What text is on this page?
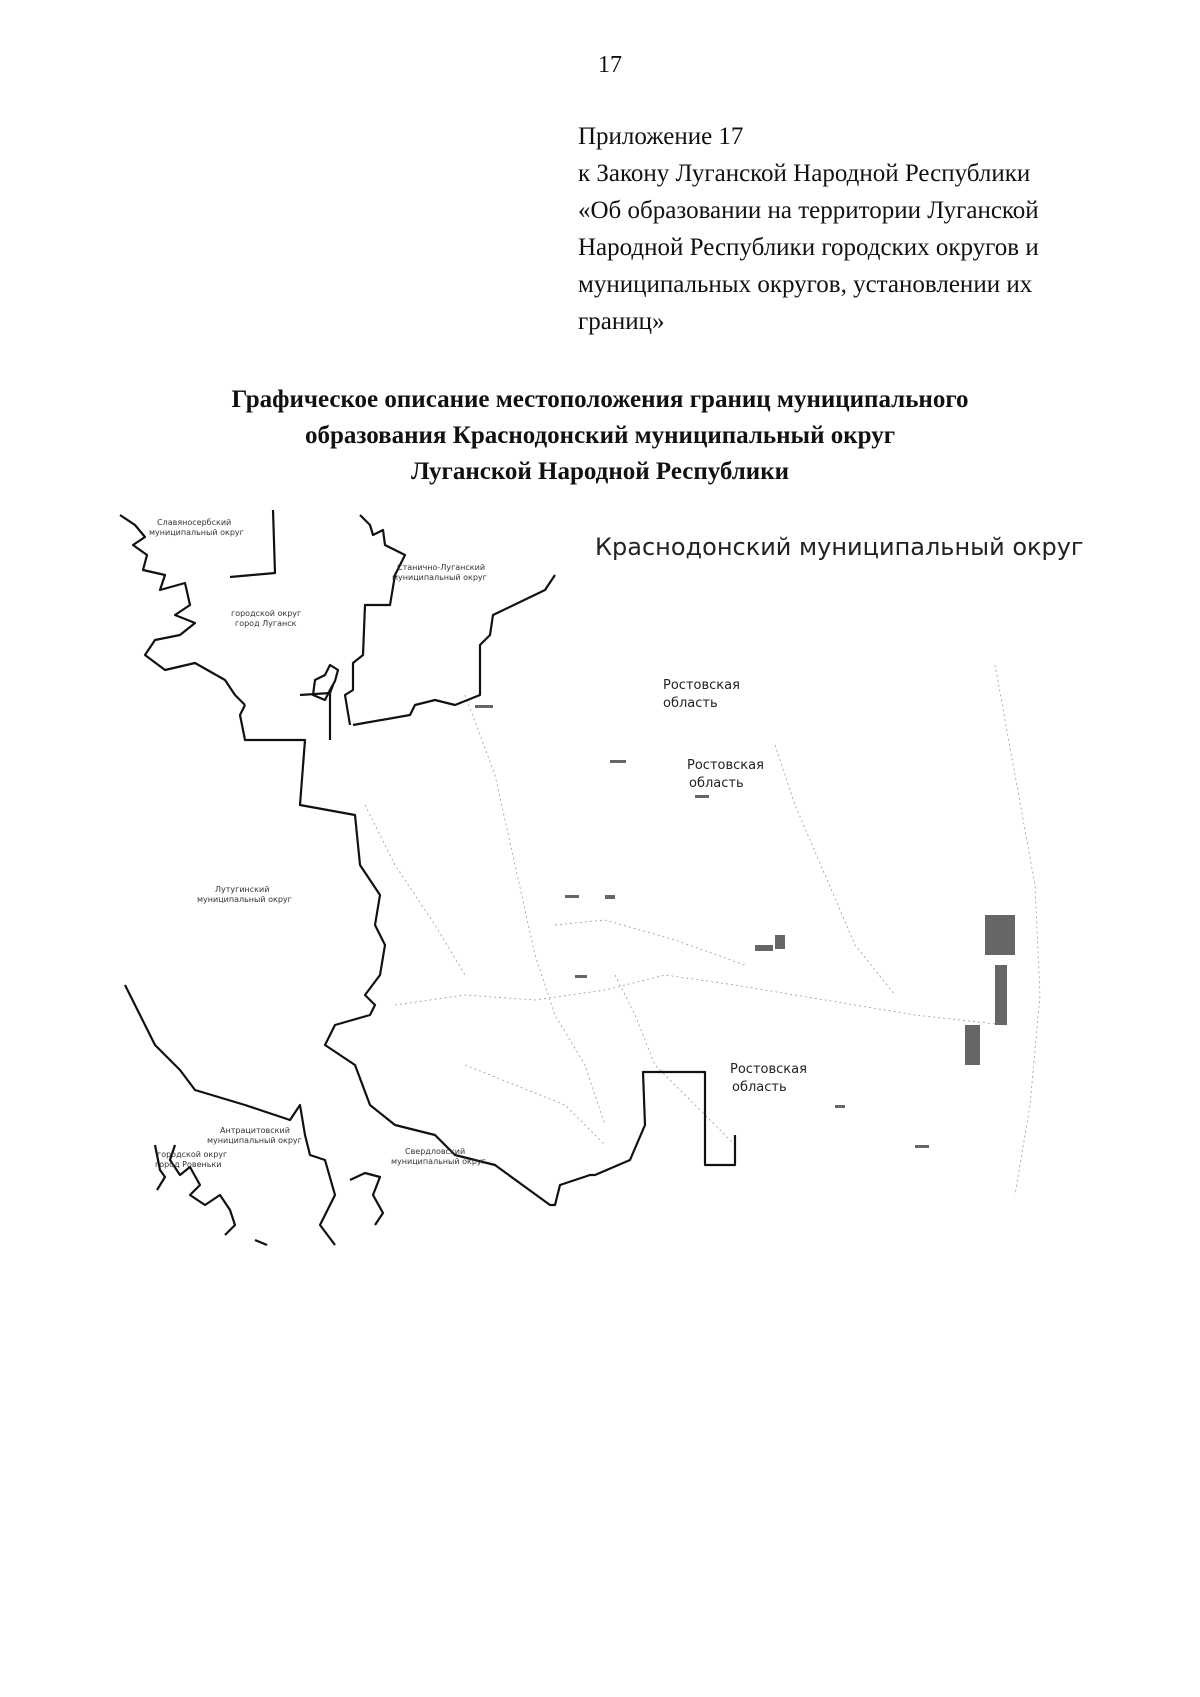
17
Приложение 17
к Закону Луганской Народной Республики
«Об образовании на территории Луганской
Народной Республики городских округов и
муниципальных округов, установлении их
границ»
Графическое описание местоположения границ муниципального
образования Краснодонский муниципальный округ
Луганской Народной Республики
Краснодонский муниципальный округ
Славяносербский
муниципальный округ
Станично-Луганский
муниципальный округ
городской округ
город Луганск
Ростовская
область
Ростовская
область
Ростовская
область
Лутугинский
муниципальный округ
Антрацитовский
муниципальный округ
городской округ
город Ровеньки
Свердловский
муниципальный округ
